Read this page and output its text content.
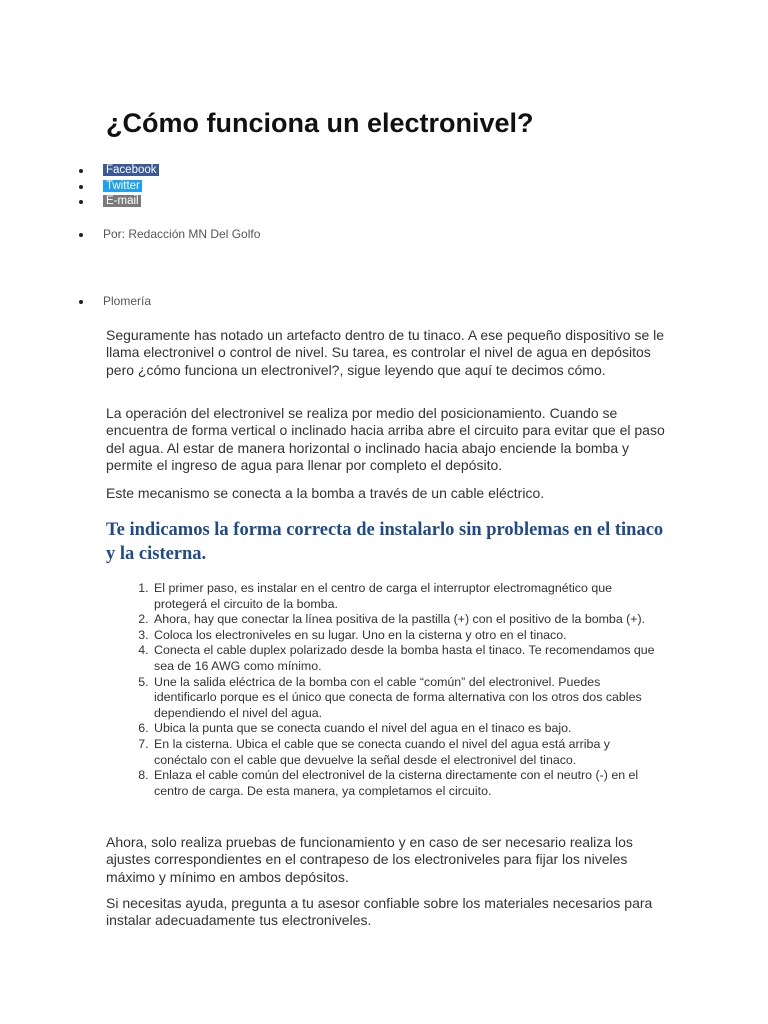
¿Cómo funciona un electronivel?
Facebook
Twitter
E-mail
Por: Redacción MN Del Golfo
Plomería

Seguramente has notado un artefacto dentro de tu tinaco. A ese pequeño dispositivo se le llama electronivel o control de nivel. Su tarea, es controlar el nivel de agua en depósitos pero ¿cómo funciona un electronivel?, sigue leyendo que aquí te decimos cómo.

La operación del electronivel se realiza por medio del posicionamiento. Cuando se encuentra de forma vertical o inclinado hacia arriba abre el circuito para evitar que el paso del agua. Al estar de manera horizontal o inclinado hacia abajo enciende la bomba y permite el ingreso de agua para llenar por completo el depósito.

Este mecanismo se conecta a la bomba a través de un cable eléctrico.

Te indicamos la forma correcta de instalarlo sin problemas en el tinaco y la cisterna.
1. El primer paso, es instalar en el centro de carga el interruptor electromagnético que protegerá el circuito de la bomba.
2. Ahora, hay que conectar la línea positiva de la pastilla (+) con el positivo de la bomba (+).
3. Coloca los electroniveles en su lugar. Uno en la cisterna y otro en el tinaco.
4. Conecta el cable duplex polarizado desde la bomba hasta el tinaco. Te recomendamos que sea de 16 AWG como mínimo.
5. Une la salida eléctrica de la bomba con el cable “común” del electronivel. Puedes identificarlo porque es el único que conecta de forma alternativa con los otros dos cables dependiendo el nivel del agua.
6. Ubica la punta que se conecta cuando el nivel del agua en el tinaco es bajo.
7. En la cisterna. Ubica el cable que se conecta cuando el nivel del agua está arriba y conéctalo con el cable que devuelve la señal desde el electronivel del tinaco.
8. Enlaza el cable común del electronivel de la cisterna directamente con el neutro (-) en el centro de carga. De esta manera, ya completamos el circuito.

Ahora, solo realiza pruebas de funcionamiento y en caso de ser necesario realiza los ajustes correspondientes en el contrapeso de los electroniveles para fijar los niveles máximo y mínimo en ambos depósitos.

Si necesitas ayuda, pregunta a tu asesor confiable sobre los materiales necesarios para instalar adecuadamente tus electroniveles.
